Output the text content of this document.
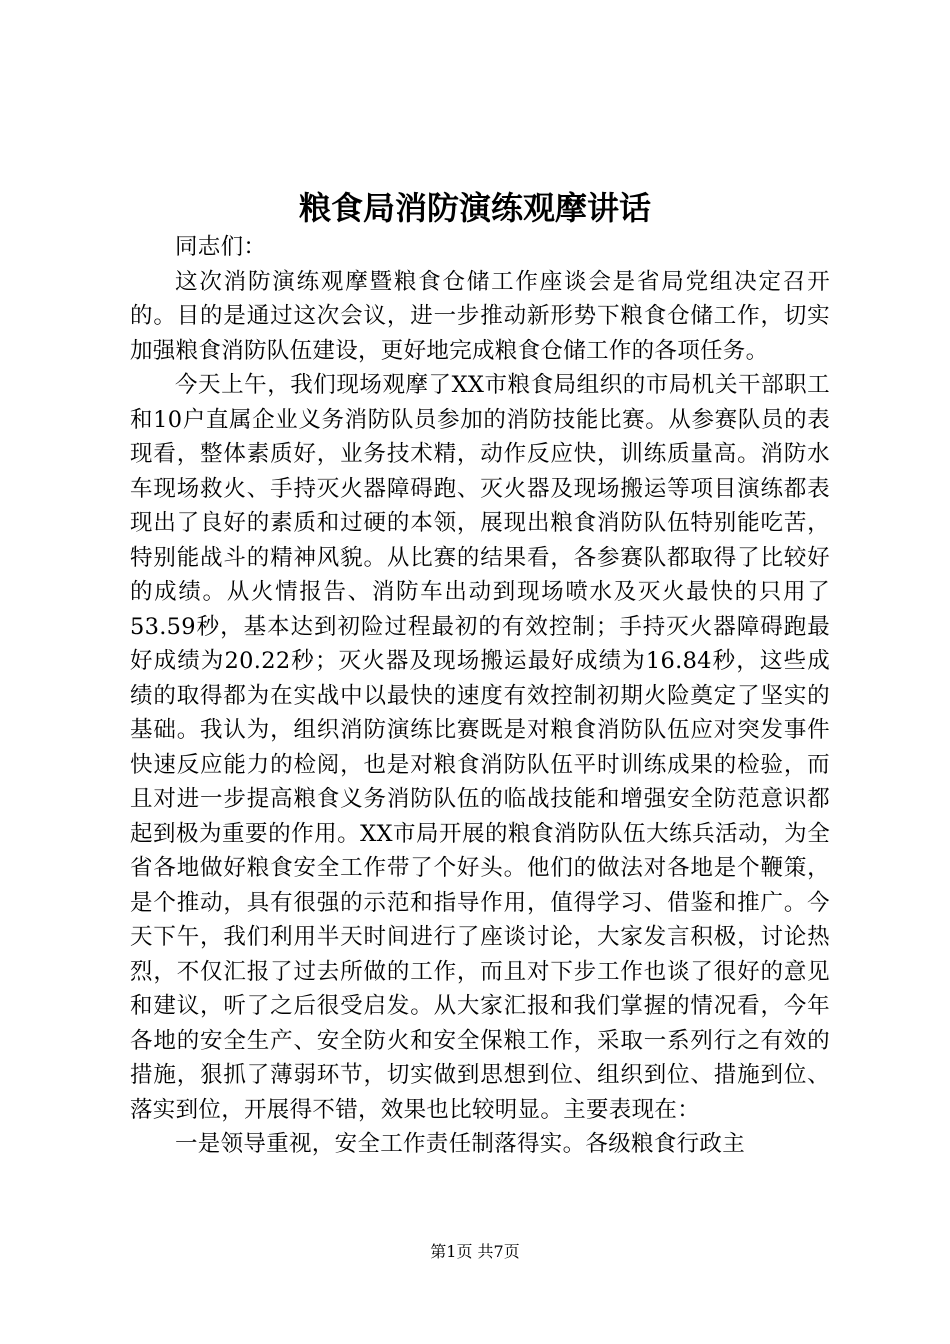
粮食局消防演练观摩讲话

同志们：

这次消防演练观摩暨粮食仓储工作座谈会是省局党组决定召开的。目的是通过这次会议，进一步推动新形势下粮食仓储工作，切实加强粮食消防队伍建设，更好地完成粮食仓储工作的各项任务。

今天上午，我们现场观摩了XX市粮食局组织的市局机关干部职工和10户直属企业义务消防队员参加的消防技能比赛。从参赛队员的表现看，整体素质好，业务技术精，动作反应快，训练质量高。消防水车现场救火、手持灭火器障碍跑、灭火器及现场搬运等项目演练都表现出了良好的素质和过硬的本领，展现出粮食消防队伍特别能吃苦，特别能战斗的精神风貌。从比赛的结果看，各参赛队都取得了比较好的成绩。从火情报告、消防车出动到现场喷水及灭火最快的只用了53.59秒，基本达到初险过程最初的有效控制；手持灭火器障碍跑最好成绩为20.22秒；灭火器及现场搬运最好成绩为16.84秒，这些成绩的取得都为在实战中以最快的速度有效控制初期火险奠定了坚实的基础。我认为，组织消防演练比赛既是对粮食消防队伍应对突发事件快速反应能力的检阅，也是对粮食消防队伍平时训练成果的检验，而且对进一步提高粮食义务消防队伍的临战技能和增强安全防范意识都起到极为重要的作用。XX市局开展的粮食消防队伍大练兵活动，为全省各地做好粮食安全工作带了个好头。他们的做法对各地是个鞭策，是个推动，具有很强的示范和指导作用，值得学习、借鉴和推广。今天下午，我们利用半天时间进行了座谈讨论，大家发言积极，讨论热烈，不仅汇报了过去所做的工作，而且对下步工作也谈了很好的意见和建议，听了之后很受启发。从大家汇报和我们掌握的情况看，今年各地的安全生产、安全防火和安全保粮工作，采取一系列行之有效的措施，狠抓了薄弱环节，切实做到思想到位、组织到位、措施到位、落实到位，开展得不错，效果也比较明显。主要表现在：

一是领导重视，安全工作责任制落得实。各级粮食行政主

第1页 共7页
